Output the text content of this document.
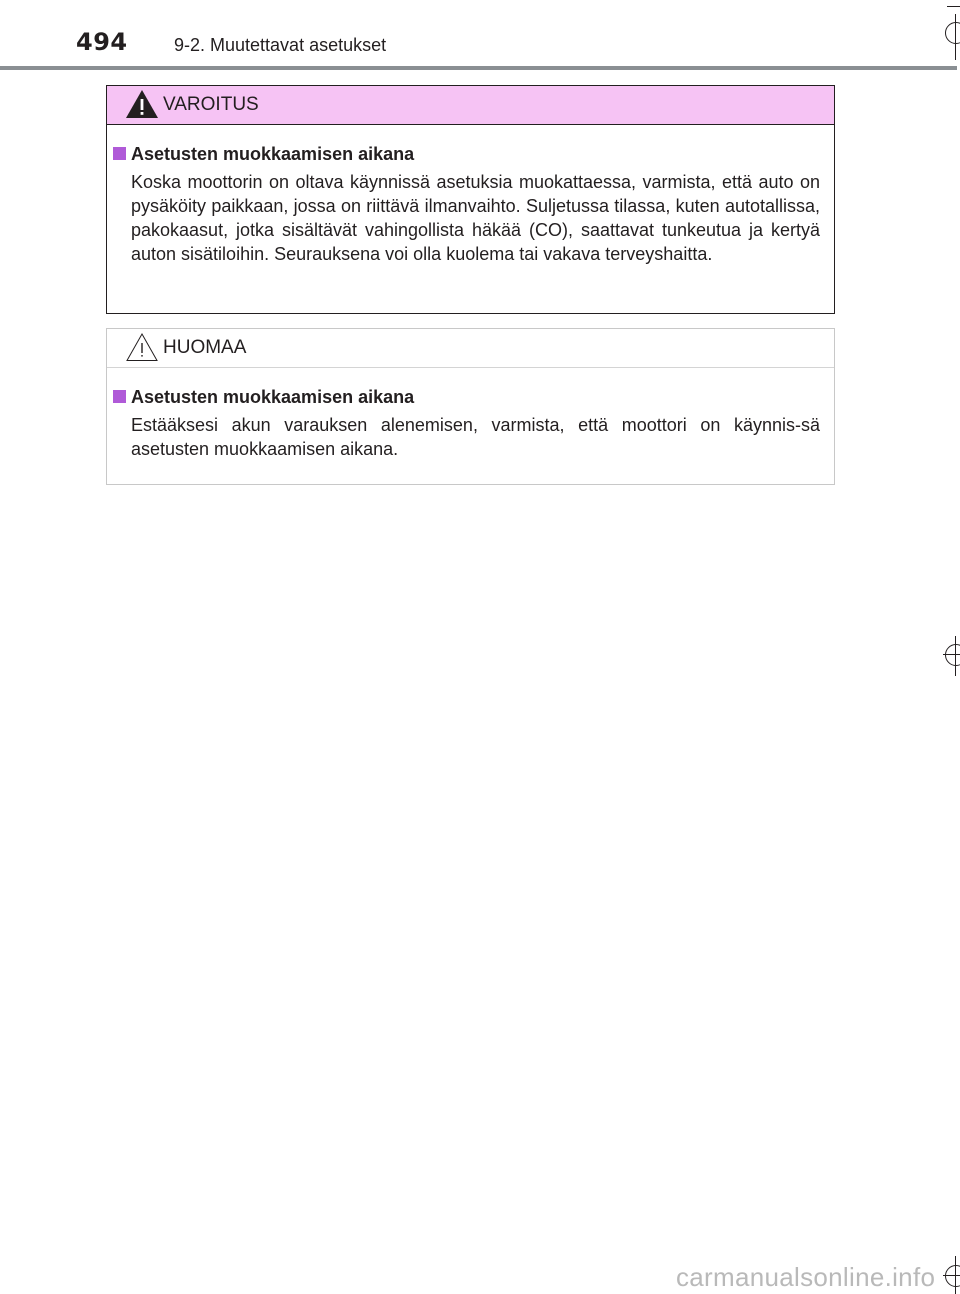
494	9-2. Muutettavat asetukset
VAROITUS
Asetusten muokkaamisen aikana
Koska moottorin on oltava käynnissä asetuksia muokattaessa, varmista, että auto on pysäköity paikkaan, jossa on riittävä ilmanvaihto. Suljetussa tilassa, kuten autotallissa, pakokaasut, jotka sisältävät vahingollista häkää (CO), saattavat tunkeutua ja kertyä auton sisätiloihin. Seurauksena voi olla kuolema tai vakava terveyshaitta.
HUOMAA
Asetusten muokkaamisen aikana
Estääksesi akun varauksen alenemisen, varmista, että moottori on käynnis-sä asetusten muokkaamisen aikana.
carmanualsonline.info
